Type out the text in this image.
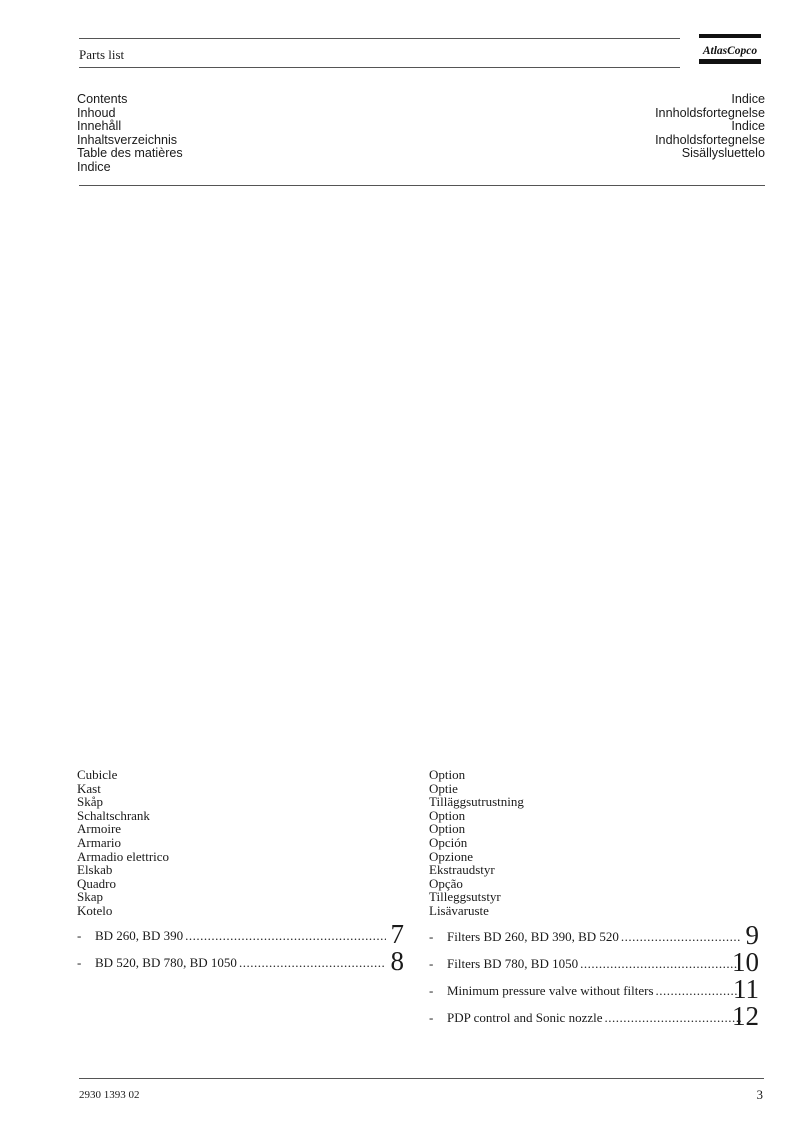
Parts list	AtlasCopco
Contents
Inhoud
Innehåll
Inhaltsverzeichnis
Table des matières
Indice
Indice
Innholdsfortegnelse
Indice
Indholdsfortegnelse
Sisällysluettelo
Cubicle
Kast
Skåp
Schaltschrank
Armoire
Armario
Armadio elettrico
Elskab
Quadro
Skap
Kotelo
- BD 260, BD 390 .....	7
- BD 520, BD 780, BD 1050 .....	8
Option
Optie
Tilläggsutrustning
Option
Option
Opción
Opzione
Ekstraudstyr
Opção
Tilleggsutstyr
Lisävaruste
- Filters BD 260, BD 390, BD 520 .....	9
- Filters BD 780, BD 1050 .....	10
- Minimum pressure valve without filters .....	11
- PDP control and Sonic nozzle .....	12
2930 1393 02	3
